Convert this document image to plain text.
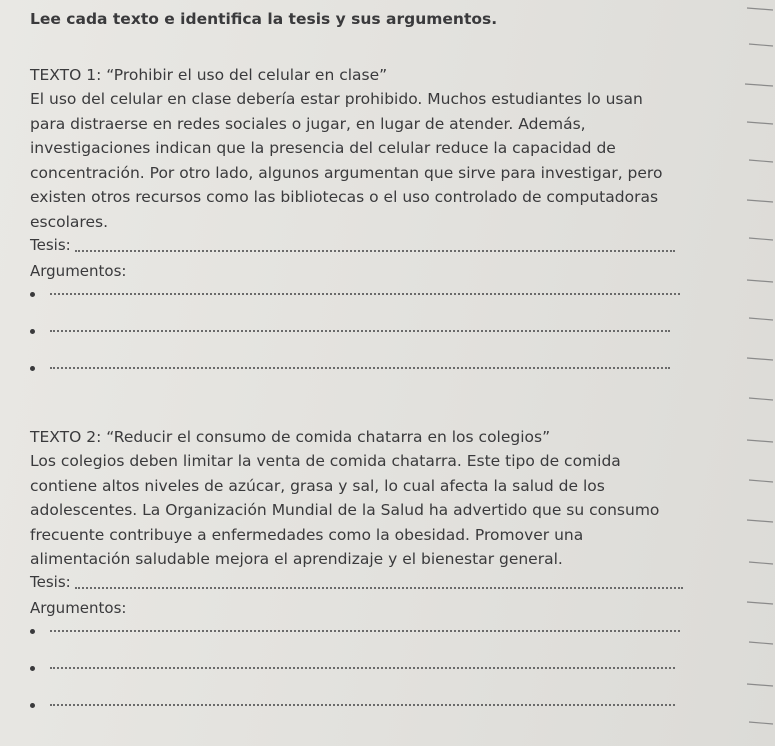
Lee cada texto e identifica la tesis y sus argumentos.

TEXTO 1: “Prohibir el uso del celular en clase”

El uso del celular en clase debería estar prohibido. Muchos estudiantes lo usan
para distraerse en redes sociales o jugar, en lugar de atender. Además,
investigaciones indican que la presencia del celular reduce la capacidad de
concentración. Por otro lado, algunos argumentan que sirve para investigar, pero
existen otros recursos como las bibliotecas o el uso controlado de computadoras
escolares.
Tesis:
Argumentos:

TEXTO 2: “Reducir el consumo de comida chatarra en los colegios”

Los colegios deben limitar la venta de comida chatarra. Este tipo de comida
contiene altos niveles de azúcar, grasa y sal, lo cual afecta la salud de los
adolescentes. La Organización Mundial de la Salud ha advertido que su consumo
frecuente contribuye a enfermedades como la obesidad. Promover una
alimentación saludable mejora el aprendizaje y el bienestar general.
Tesis:
Argumentos:
